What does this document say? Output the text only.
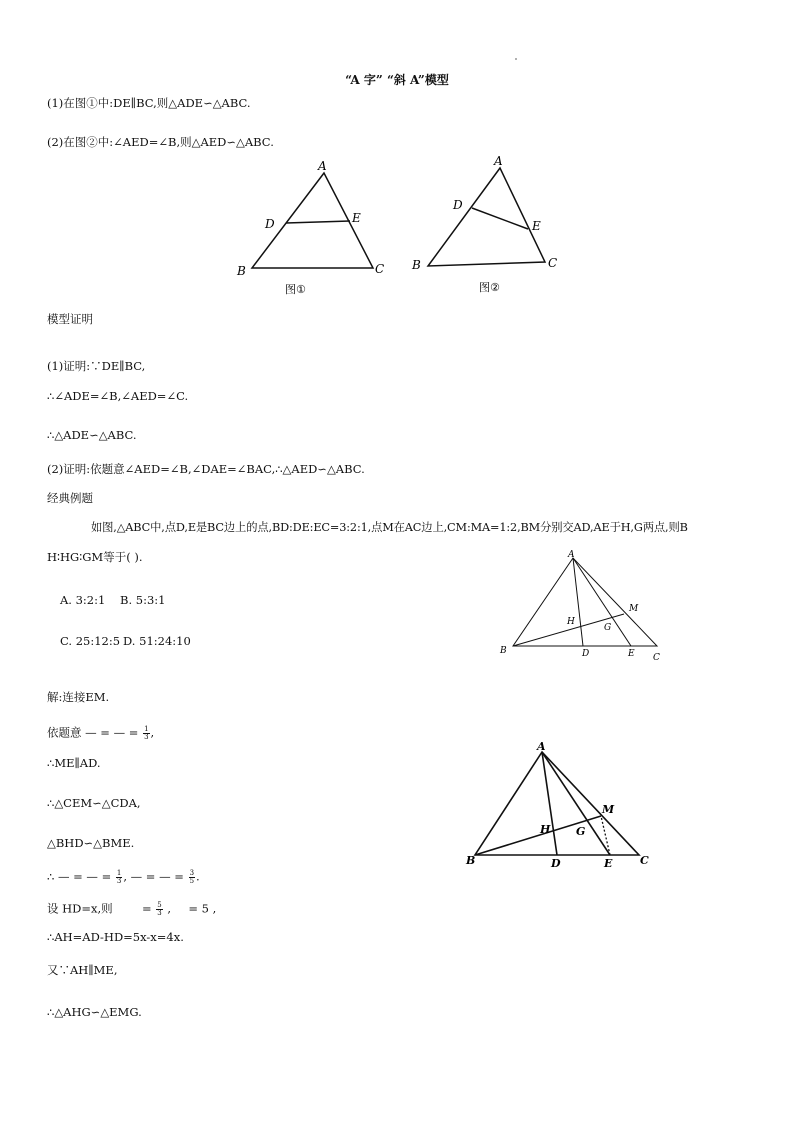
“A 字” “斜 A”模型
(1)在图①中:DE∥BC,则△ADE∽△ABC.
(2)在图②中:∠AED=∠B,则△AED∽△ABC.
A
B	C
D	E
图①
A
B	C
D
E
图②
模型证明
(1)证明:∵DE∥BC,
∴∠ADE=∠B,∠AED=∠C.
∴△ADE∽△ABC.
(2)证明:依题意∠AED=∠B,∠DAE=∠BAC,∴△AED∽△ABC.
经典例题
如图,△ABC中,点D,E是BC边上的点,BD:DE:EC=3:2:1,点M在AC边上,CM:MA=1:2,BM分别交AD,AE于H,G两点,则B
H∶HG∶GM等于( ).
A. 3:2:1 B. 5:3:1
C. 25:12:5 D. 51:24:10
A
B
C
D	E
H
G
M
A
B	C
D	E
H G
M
解:连接EM.
依题意 — = — = $\frac{1}{3}$ ,
∴ME∥AD.
∴△CEM∽△CDA,
△BHD∽△BME.
∴ — = — = $\frac{1}{3}$ , — = — = $\frac{3}{5}$ .
设 HD=x,则	= $\frac{5}{3}$ , = 5 ,
∴AH=AD-HD=5x-x=4x.
又∵AH∥ME,
∴△AHG∽△EMG.
